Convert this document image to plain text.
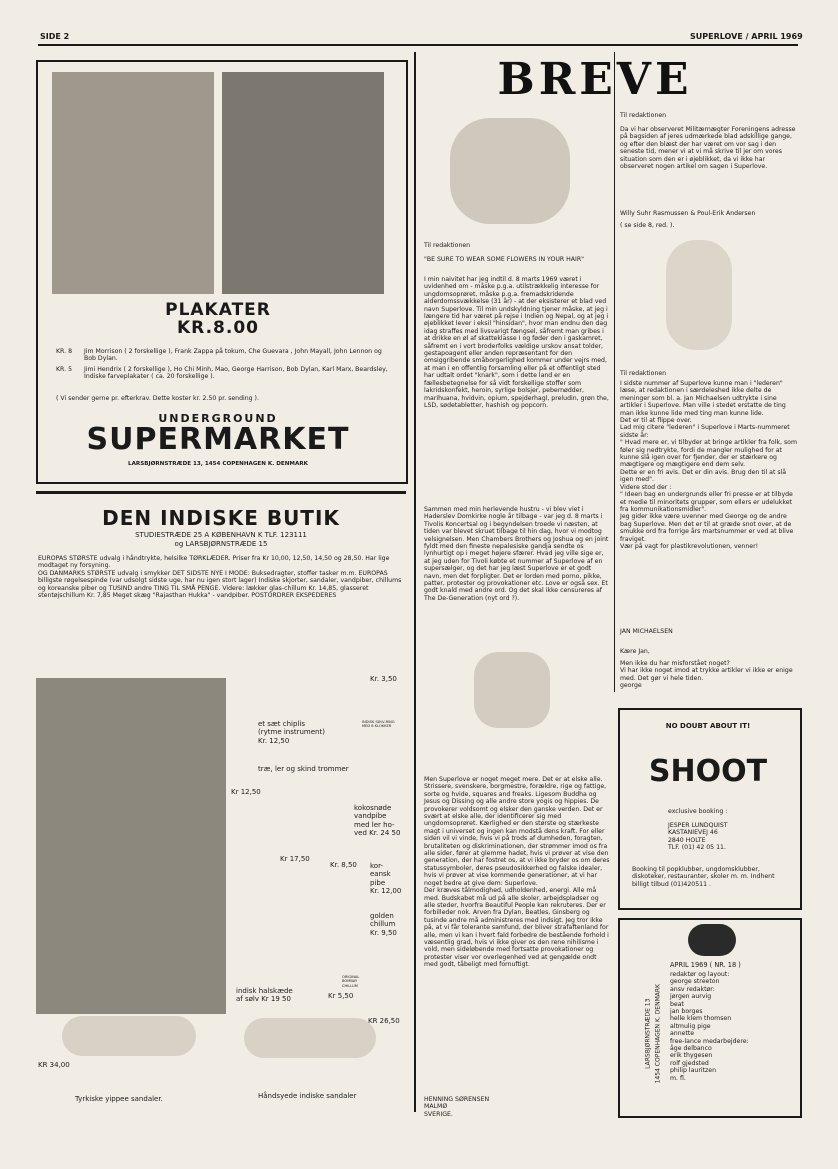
SIDE 2	SUPERLOVE / APRIL 1969
PLAKATER
KR.8.00
KR. 8 Jim Morrison ( 2 forskellige ), Frank Zappa på tokum, Che Guevara , John Mayall, John Lennon og Bob Dylan.
KR. 5 Jimi Hendrix ( 2 forskellige ), Ho Chi Minh, Mao, George Harrison, Bob Dylan, Karl Marx, Beardsley, Indiske farveplakater ( ca. 20 forskellige ).
( Vi sender gerne pr. efterkrav. Dette koster kr. 2.50 pr. sending ).
UNDERGROUND
SUPERMARKET
LARSBJØRNSTRÆDE 13, 1454 COPENHAGEN K. DENMARK
DEN INDISKE BUTIK
STUDIESTRÆDE 25 A KØBENHAVN K TLF. 123111
og LARSBJØRNSTRÆDE 15
EUROPAS STØRSTE udvalg i håndtrykte, helsilke TØRKLÆDER. Priser fra Kr 10,00, 12,50, 14,50 og 28,50. Har lige modtaget ny forsyning.
OG DANMARKS STØRSTE udvalg i smykker DET SIDSTE NYE I MODE: Buksedragter, stoffer tasker m.m. EUROPAS billigste røgelsespinde (var udsolgt sidste uge, har nu igen stort lager) Indiske skjorter, sandaler, vandpiber, chillums og koreanske piber og TUSIND andre TING TIL SMÅ PENGE. Videre: lækker glas-chillum Kr. 14,85, glasseret stentøjschillum Kr. 7,85 Meget skæg "Rajasthan Hukka" - vandpiber. POSTORDRER EKSPEDERES
Kr. 3,50
INDISK SØLV-RING MED 8 KLOKKER
et sæt chiplis
(rytme instrument)
Kr. 12,50
træ, ler og skind trommer
Kr 12,50
kokosnøde
vandpibe
med ler ho-
ved Kr. 24 50
Kr 17,50
Kr. 8,50 kor-
eansk
pibe
Kr. 12,00
golden
chillum
Kr. 9,50
ORIGINAL BOMBAY CHILLUM
indisk halskæde
af sølv Kr 19 50	Kr 5,50
KR 26,50
KR 34,00
Tyrkiske yippee sandaler.	Håndsyede indiske sandaler
BREVE
Til redaktionen
Da vi har observeret Militærnægter Foreningens adresse på bagsiden af jeres udmærkede blad adskillige gange, og efter den blæst der har været om vor sag i den seneste tid, mener vi at vi må skrive til jer om vores situation som den er i øjeblikket, da vi ikke har observeret nogen artikel om sagen i Superlove.
Willy Suhr Rasmussen & Poul-Erik Andersen
( se side 8, red. ).
Til redaktionen
"BE SURE TO WEAR SOME FLOWERS IN YOUR HAIR"
I min naivitet har jeg indtil d. 8 marts 1969 været i uvidenhed om - måske p.g.a. utilstrækkelig interesse for ungdomsoprøret, måske p.g.a. fremadskridende alderdomssvækkelse (31 år) - at der eksisterer et blad ved navn Superlove. Til min undskyldning tjener måske, at jeg i længere tid har været på rejse i Indien og Nepal, og at jeg i øjeblikket lever i eksil "hinsidan", hvor man endnu den dag idag straffes med livsvarigt fængsel, såfremt man gribes i at drikke en øl af skatteklasse I og føder den i gaskamret, såfremt en i vort broderfolks vældige urskov ansat tolder, gestapoagent eller anden repræsentant for den omsiggribende småborgerlighed kommer under vejrs med, at man i en offentlig forsamling eller på et offentligt sted har udtalt ordet "knark", som i dette land er en fællesbetegnelse for så vidt forskellige stoffer som lakridskonfekt, heroin, syrlige bolsjer, pebernødder, marihuana, hvidvin, opium, spejderhagl, preludin, grøn the, LSD, sødetabletter, hashish og popcorn.
Sammen med min herlevende hustru - vi blev viet i Haderslev Domkirke nogle år tilbage - var jeg d. 8 marts i Tivolis Koncertsal og i begyndelsen troede vi næsten, at tiden var blevet skruet tilbage til hin dag, hvor vi modtog velsignelsen. Men Chambers Brothers og Joshua og en joint fyldt med den fineste nepalesiske gandja sendte os lynhurtigt op i meget højere sfærer. Hvad jeg ville sige er, at jeg uden for Tivoli købte et nummer af Superlove af en supersælger, og det har jeg læst Superlove er et godt navn, men det forpligter. Det er lorden med porno, pikke, patter, protester og provokationer etc. Love er også sex. Et godt knald med andre ord. Og det skal ikke censureres af The De-Generation (nyt ord ?).
Men Superlove er noget meget mere. Det er at elske alle. Strissere, svenskere, borgmestre, forældre, rige og fattige, sorte og hvide, squares and freaks. Ligesom Buddha og Jesus og Dissing og alle andre store yogis og hippies. De provokerer voldsomt og elsker den ganske verden. Det er svært at elske alle, der identificerer sig med ungdomsoprøret. Kærlighed er den største og stærkeste magt i universet og ingen kan modstå dens kraft. For eller siden vil vi vinde, hvis vi på trods af dumheden, foragten, brutaliteten og diskriminationen, der strømmer imod os fra alle sider, fører at glemme hadet, hvis vi prøver at vise den generation, der har fostret os, at vi ikke bryder os om deres statussymboler, deres pseudosikkerhed og falske idealer, hvis vi prøver at vise kommende generationer, at vi har noget bedre at give dem: Superlove.
Der kræves tålmodighed, udholdenhed, energi. Alle må med. Budskabet må ud på alle skoler, arbejdspladser og alle steder, hvorfra Beautiful People kan rekruteres. Der er forbilleder nok. Arven fra Dylan, Beatles, Ginsberg og tusinde andre må administreres med indsigt. Jeg tror ikke på, at vi får tolerante samfund, der bliver strafaftenland for alle, men vi kan i hvert fald forbedre de bestående forhold i væsentlig grad, hvis vi ikke giver os den rene nihilisme i vold, men sideløbende med fortsatte provokationer og protester viser vor overlegenhed ved at gengælde ondt med godt, tåbeligt med fornuftigt.
HENNING SØRENSEN
MALMØ
SVERIGE.
Til redaktionen
I sidste nummer af Superlove kunne man i "lederen" læse, at redaktionen i særdeleshed ikke delte de meninger som bl. a. Jan Michaelsen udtrykte i sine artikler i Superlove. Man ville i stedet erstatte de ting man ikke kunne lide med ting man kunne lide.
Det er til at flippe over.
Lad mig citere "lederen" i Superlove i Marts-nummeret sidste år:
" Hvad mere er, vi tilbyder at bringe artikler fra folk, som føler sig nedtrykte, fordi de mangler mulighed for at kunne slå igen over for fjender, der er stærkere og mægtigere og mægtigere end dem selv.
Dette er en fri avis. Det er din avis. Brug den til at slå igen med".
Videre stod der :
" Ideen bag en undergrunds eller fri presse er at tilbyde et medie til minoritets grupper, som ellers er udelukket fra kommunikationsmidler".
Jeg gider ikke være uvenner med George og de andre bag Superlove. Men det er til at græde snot over, at de smukke ord fra forrige års martsnummer er ved at blive fraviget.
Vær på vagt for plastikrevolutionen, venner!
JAN MICHAELSEN
Kære Jan,
Men ikke du har misforstået noget?
Vi har ikke noget imod at trykke artikler vi ikke er enige med. Det gør vi hele tiden.
george
NO DOUBT ABOUT IT!
SHOOT
exclusive booking :
JESPER LUNDQUIST
KASTANIEVEJ 46
2840 HOLTE
TLF. (01) 42 05 11.
Booking til popklubber, ungdomsklubber, diskoteker, restauranter, skoler m. m. Indhent billigt tilbud (01)420511 .
LARSBJØRNSTRÆDE 13 1454 COPENHAGEN K. DENMARK
APRIL 1969 ( NR. 18 )
redaktør og layout:
george streeton
ansv redaktør:
jørgen aurvig
beat
jan borges
helle klem thomsen
altmulig pige
annette
free-lance medarbejdere:
åge delbanco
erik thygesen
rolf gjedsted
philip lauritzen
m. fl.
